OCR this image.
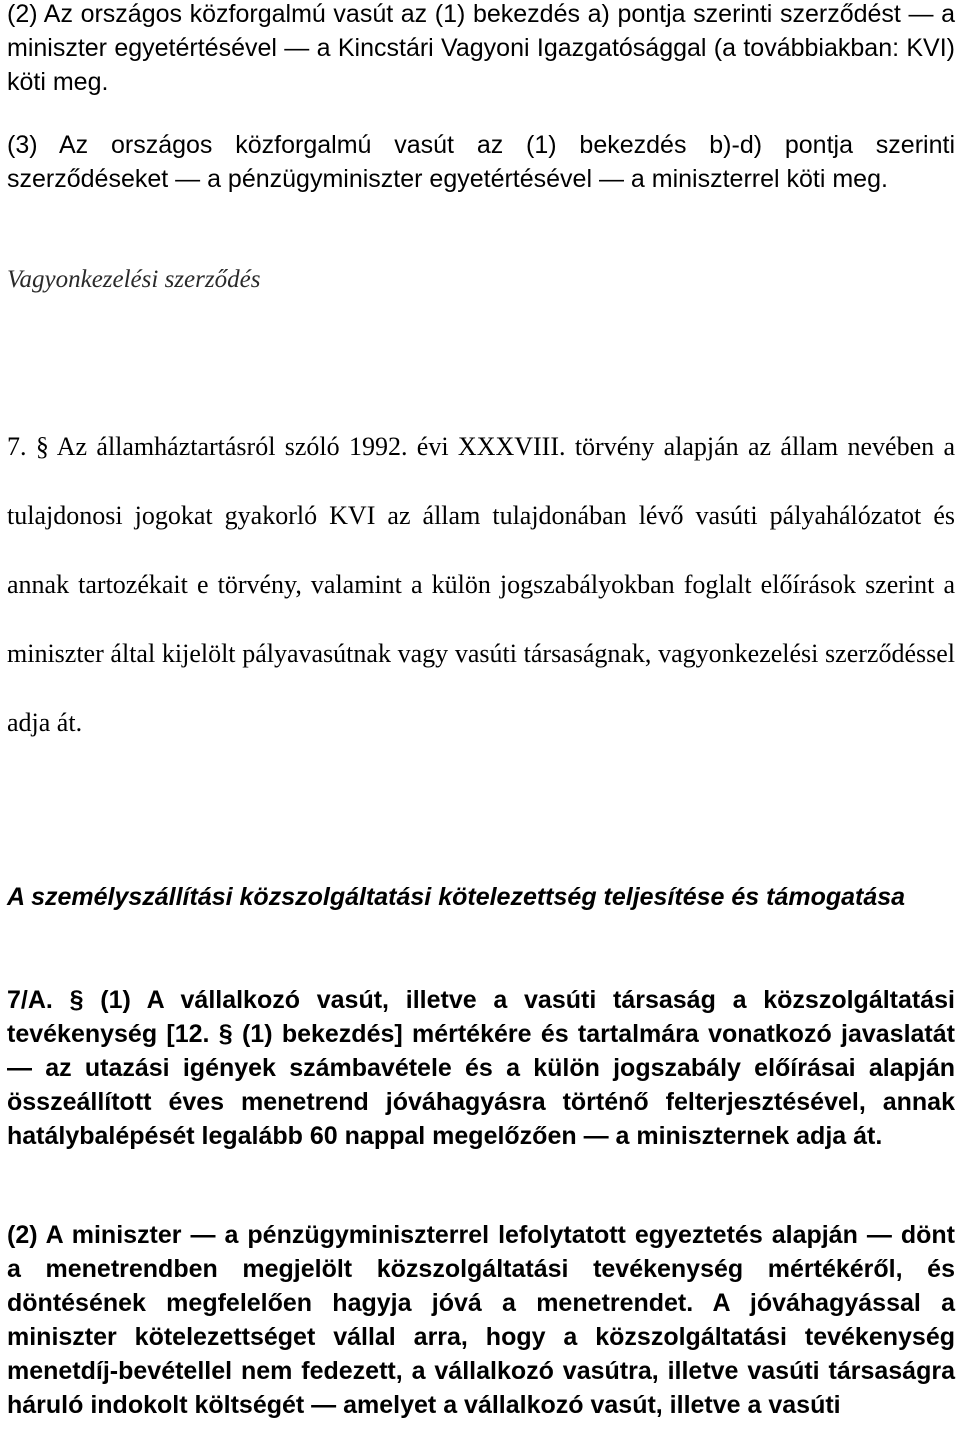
(2) Az országos közforgalmú vasút az (1) bekezdés a) pontja szerinti szerződést — a miniszter egyetértésével — a Kincstári Vagyoni Igazgatósággal (a továbbiakban: KVI) köti meg.

(3) Az országos közforgalmú vasút az (1) bekezdés b)-d) pontja szerinti szerződéseket — a pénzügyminiszter egyetértésével — a miniszterrel köti meg.

Vagyonkezelési szerződés

7. § Az államháztartásról szóló 1992. évi XXXVIII. törvény alapján az állam nevében a tulajdonosi jogokat gyakorló KVI az állam tulajdonában lévő vasúti pályahálózatot és annak tartozékait e törvény, valamint a külön jogszabályokban foglalt előírások szerint a miniszter által kijelölt pályavasútnak vagy vasúti társaságnak, vagyonkezelési szerződéssel adja át.

A személyszállítási közszolgáltatási kötelezettség teljesítése és támogatása

7/A. § (1) A vállalkozó vasút, illetve a vasúti társaság a közszolgáltatási tevékenység [12. § (1) bekezdés] mértékére és tartalmára vonatkozó javaslatát — az utazási igények számbavétele és a külön jogszabály előírásai alapján összeállított éves menetrend jóváhagyásra történő felterjesztésével, annak hatálybalépését legalább 60 nappal megelőzően — a miniszternek adja át.

(2) A miniszter — a pénzügyminiszterrel lefolytatott egyeztetés alapján — dönt a menetrendben megjelölt közszolgáltatási tevékenység mértékéről, és döntésének megfelelően hagyja jóvá a menetrendet. A jóváhagyással a miniszter kötelezettséget vállal arra, hogy a közszolgáltatási tevékenység menetdíj-bevétellel nem fedezett, a vállalkozó vasútra, illetve vasúti társaságra háruló indokolt költségét — amelyet a vállalkozó vasút, illetve a vasúti
